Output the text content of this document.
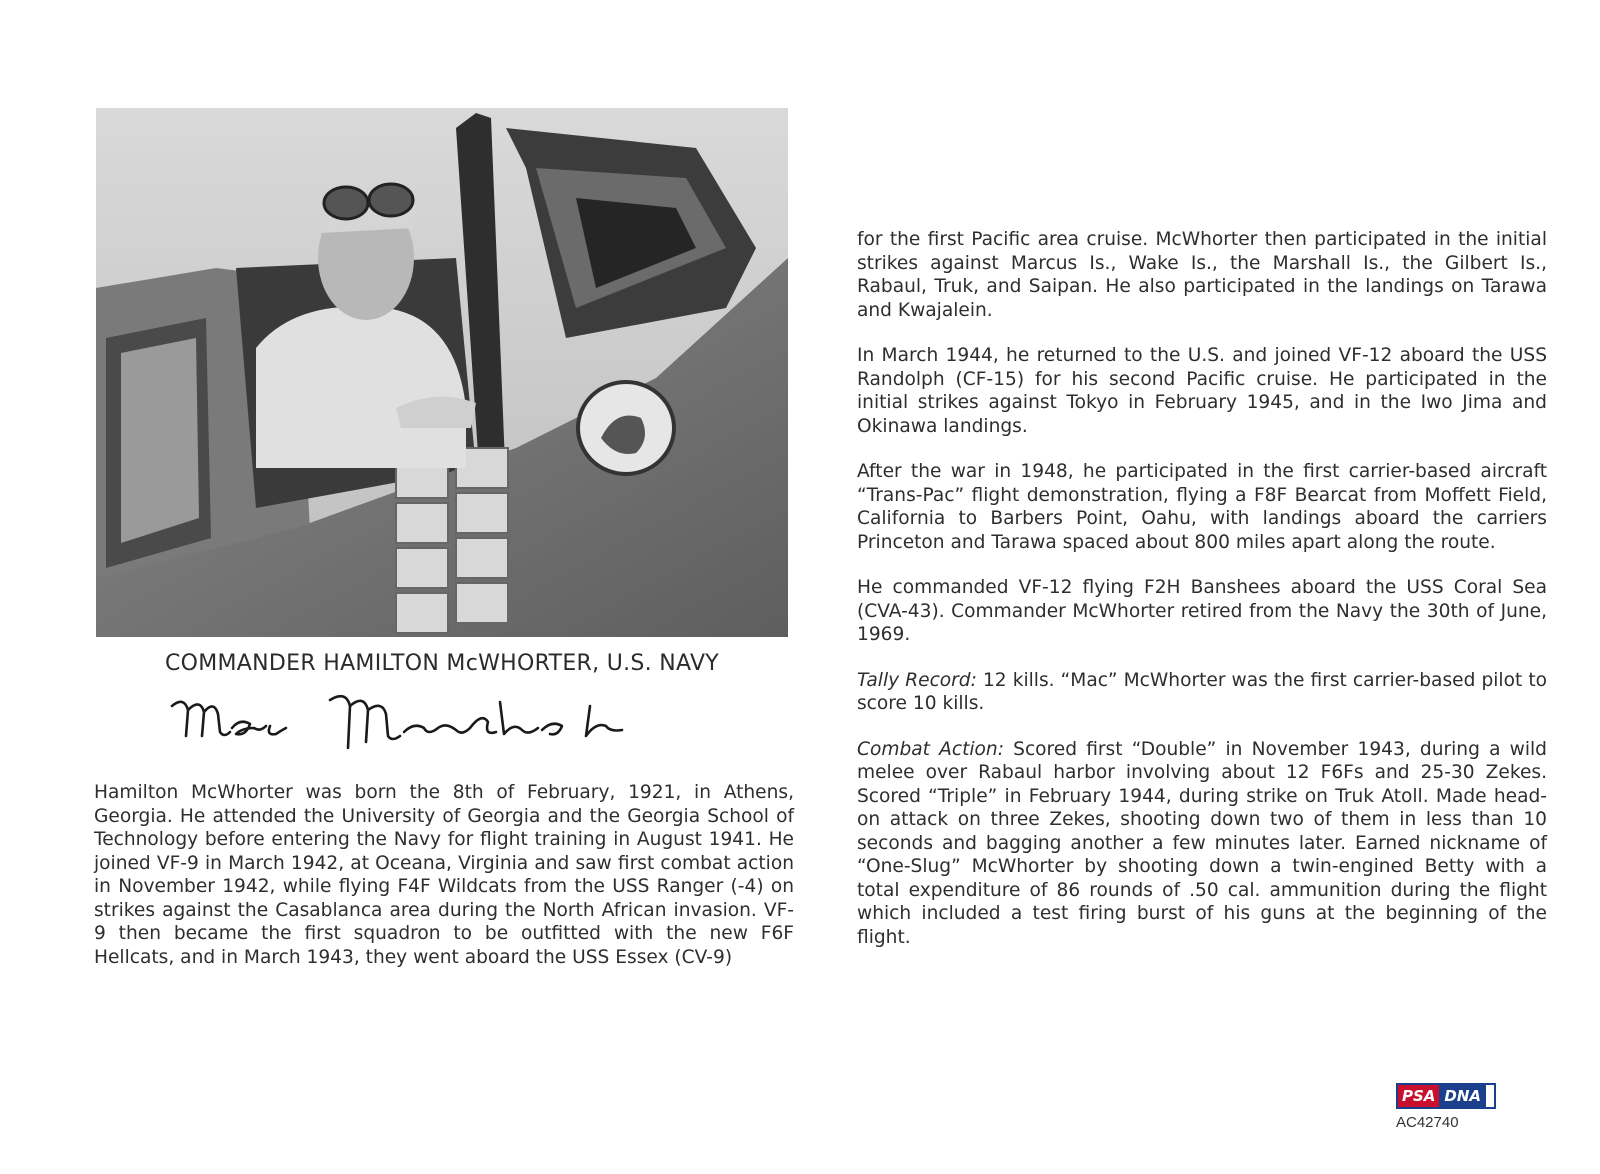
COMMANDER HAMILTON McWHORTER, U.S. NAVY

Hamilton McWhorter was born the 8th of February, 1921, in Athens, Georgia. He attended the University of Georgia and the Georgia School of Technology before entering the Navy for flight training in August 1941. He joined VF-9 in March 1942, at Oceana, Virginia and saw first combat action in November 1942, while flying F4F Wildcats from the USS Ranger (-4) on strikes against the Casablanca area during the North African invasion. VF-9 then became the first squadron to be outfitted with the new F6F Hellcats, and in March 1943, they went aboard the USS Essex (CV-9)

for the first Pacific area cruise. McWhorter then participated in the initial strikes against Marcus Is., Wake Is., the Marshall Is., the Gilbert Is., Rabaul, Truk, and Saipan. He also participated in the landings on Tarawa and Kwajalein.

In March 1944, he returned to the U.S. and joined VF-12 aboard the USS Randolph (CF-15) for his second Pacific cruise. He participated in the initial strikes against Tokyo in February 1945, and in the Iwo Jima and Okinawa landings.

After the war in 1948, he participated in the first carrier-based aircraft “Trans-Pac” flight demonstration, flying a F8F Bearcat from Moffett Field, California to Barbers Point, Oahu, with landings aboard the carriers Princeton and Tarawa spaced about 800 miles apart along the route.

He commanded VF-12 flying F2H Banshees aboard the USS Coral Sea (CVA-43). Commander McWhorter retired from the Navy the 30th of June, 1969.

Tally Record: 12 kills. “Mac” McWhorter was the first carrier-based pilot to score 10 kills.

Combat Action: Scored first “Double” in November 1943, during a wild melee over Rabaul harbor involving about 12 F6Fs and 25-30 Zekes. Scored “Triple” in February 1944, during strike on Truk Atoll. Made head-on attack on three Zekes, shooting down two of them in less than 10 seconds and bagging another a few minutes later. Earned nickname of “One-Slug” McWhorter by shooting down a twin-engined Betty with a total expenditure of 86 rounds of .50 cal. ammunition during the flight which included a test firing burst of his guns at the beginning of the flight.

PSA DNA
AC42740
